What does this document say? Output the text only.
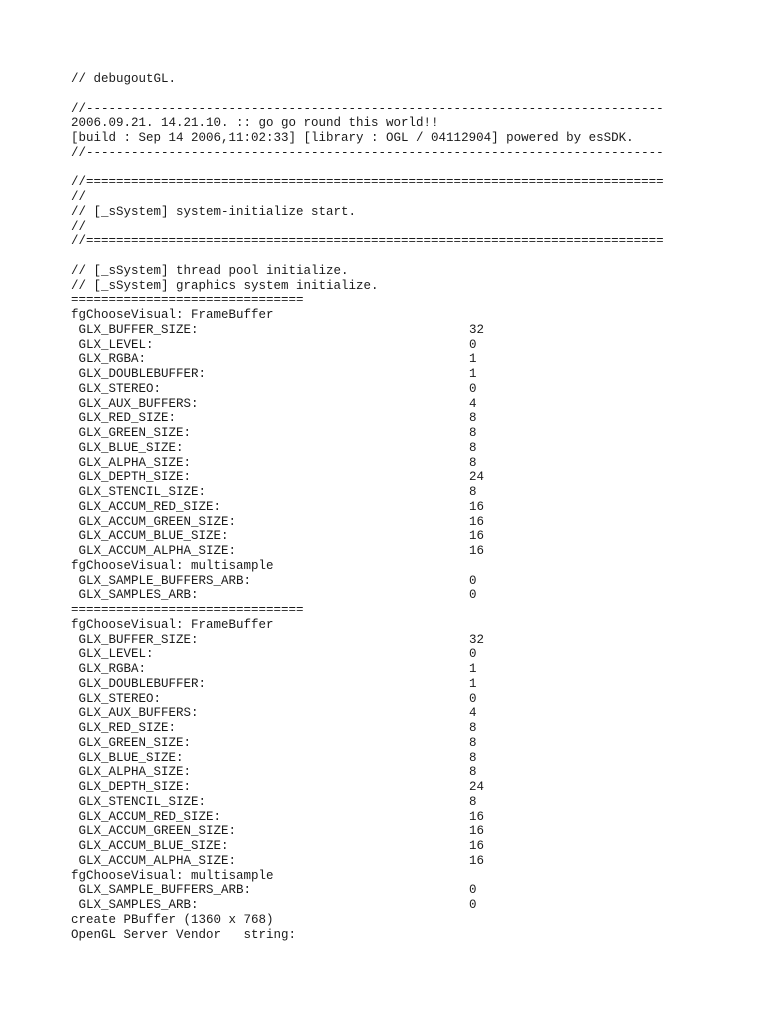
// debugoutGL.
//-----------------------------------------------------------------------------
2006.09.21. 14.21.10. :: go go round this world!!
[build : Sep 14 2006,11:02:33] [library : OGL / 04112904] powered by esSDK.
//-----------------------------------------------------------------------------
//=============================================================================
//
// [_sSystem] system-initialize start.
//
//=============================================================================
// [_sSystem] thread pool initialize.
// [_sSystem] graphics system initialize.
===============================
fgChooseVisual: FrameBuffer
GLX_BUFFER_SIZE:	32
GLX_LEVEL:	0
GLX_RGBA:	1
GLX_DOUBLEBUFFER:	1
GLX_STEREO:	0
GLX_AUX_BUFFERS:	4
GLX_RED_SIZE:	8
GLX_GREEN_SIZE:	8
GLX_BLUE_SIZE:	8
GLX_ALPHA_SIZE:	8
GLX_DEPTH_SIZE:	24
GLX_STENCIL_SIZE:	8
GLX_ACCUM_RED_SIZE:	16
GLX_ACCUM_GREEN_SIZE:	16
GLX_ACCUM_BLUE_SIZE:	16
GLX_ACCUM_ALPHA_SIZE:	16
fgChooseVisual: multisample
GLX_SAMPLE_BUFFERS_ARB:	0
GLX_SAMPLES_ARB:	0
===============================
fgChooseVisual: FrameBuffer
GLX_BUFFER_SIZE:	32
GLX_LEVEL:	0
GLX_RGBA:	1
GLX_DOUBLEBUFFER:	1
GLX_STEREO:	0
GLX_AUX_BUFFERS:	4
GLX_RED_SIZE:	8
GLX_GREEN_SIZE:	8
GLX_BLUE_SIZE:	8
GLX_ALPHA_SIZE:	8
GLX_DEPTH_SIZE:	24
GLX_STENCIL_SIZE:	8
GLX_ACCUM_RED_SIZE:	16
GLX_ACCUM_GREEN_SIZE:	16
GLX_ACCUM_BLUE_SIZE:	16
GLX_ACCUM_ALPHA_SIZE:	16
fgChooseVisual: multisample
GLX_SAMPLE_BUFFERS_ARB:	0
GLX_SAMPLES_ARB:	0
create PBuffer (1360 x 768)
OpenGL Server Vendor   string:
